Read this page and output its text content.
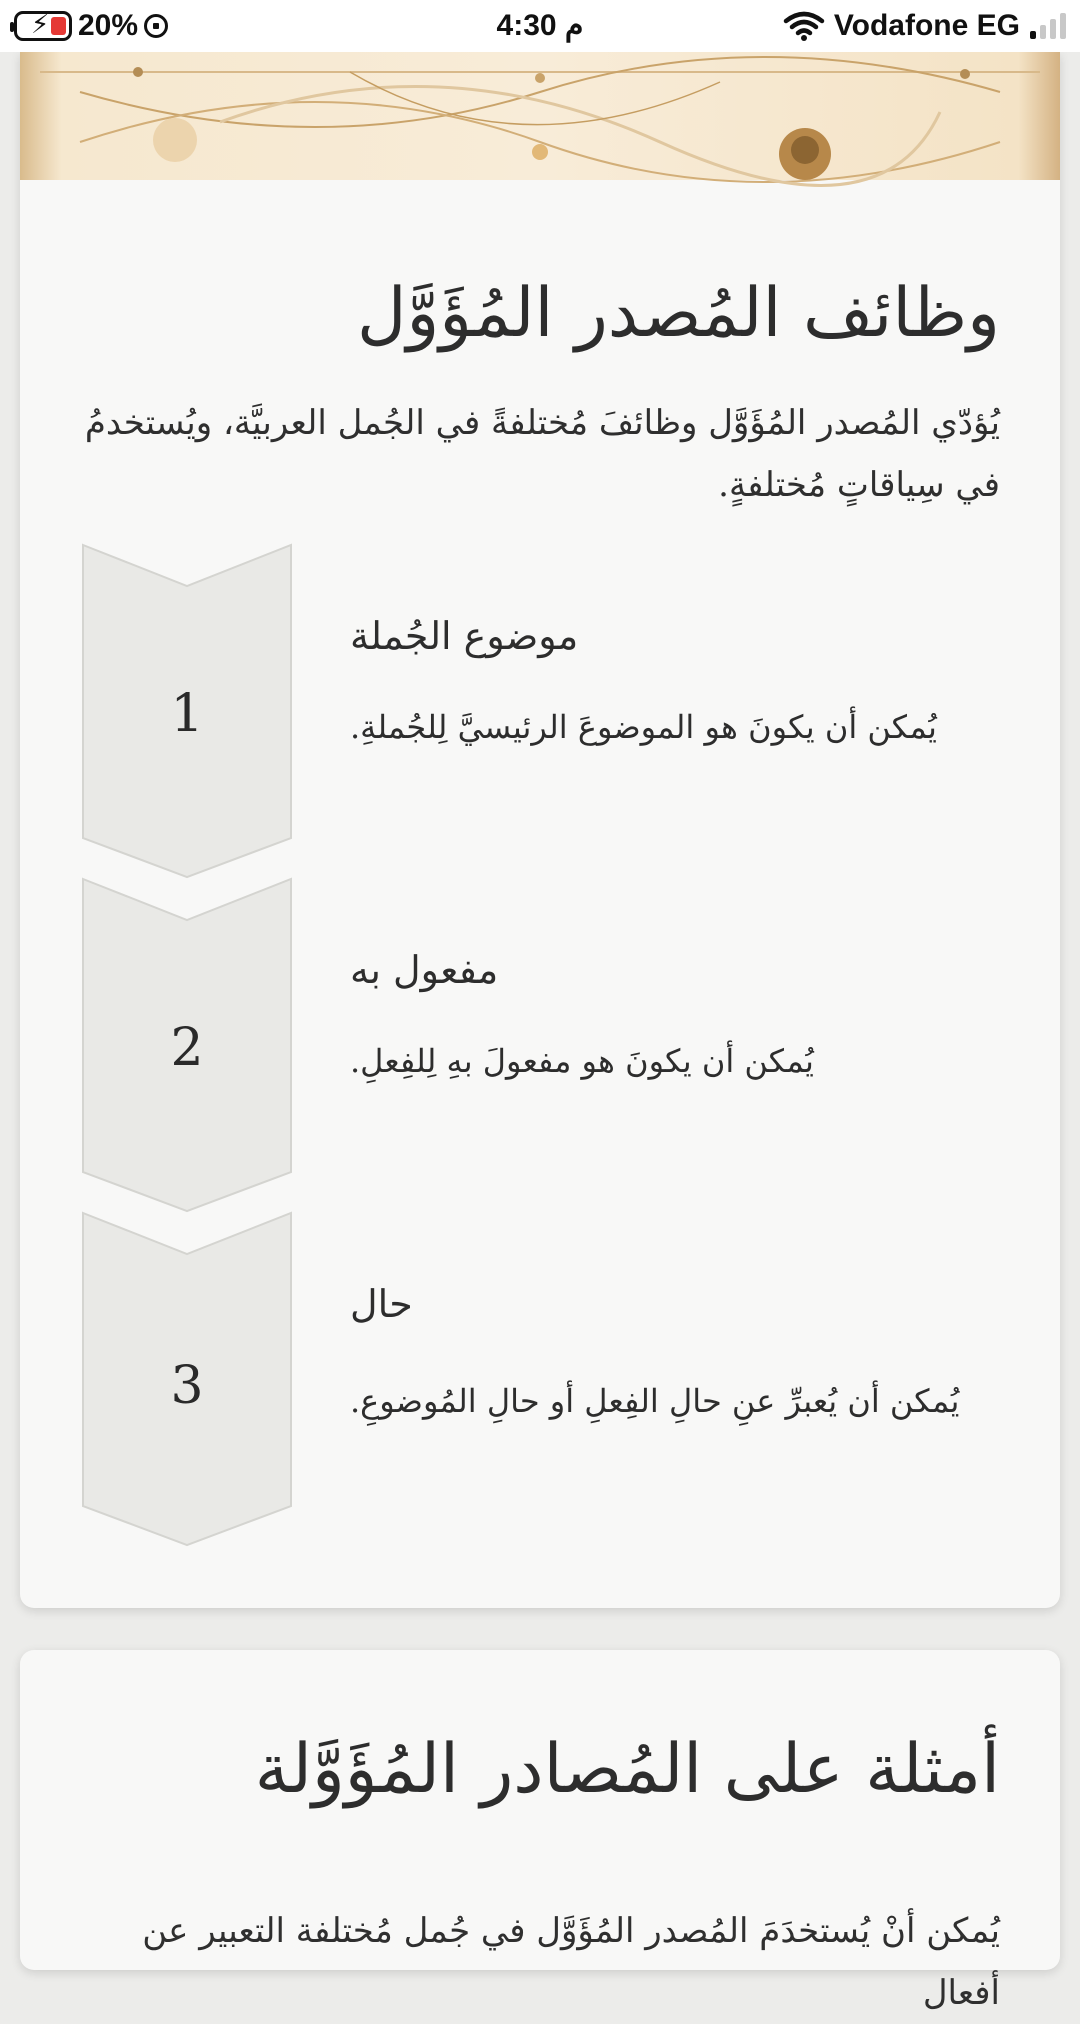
⚡ 20%	4:30 م	Vodafone EG
وظائف المُصدر المُؤَوَّل

يُؤدّي المُصدر المُؤَوَّل وظائفَ مُختلفةً في الجُمل العربيَّة، ويُستخدمُ في سِياقاتٍ مُختلفةٍ.

1
موضوع الجُملة
يُمكن أن يكونَ هو الموضوعَ الرئيسيَّ لِلجُملةِ.
2
مفعول به
يُمكن أن يكونَ هو مفعولَ بهِ لِلفِعلِ.
3
حال
يُمكن أن يُعبرِّ عنِ حالِ الفِعلِ أو حالِ المُوضوعِ.
أمثلة على المُصادر المُؤَوَّلة

يُمكن أنْ يُستخدَمَ المُصدر المُؤَوَّل في جُمل مُختلفة التعبير عن أفعال
